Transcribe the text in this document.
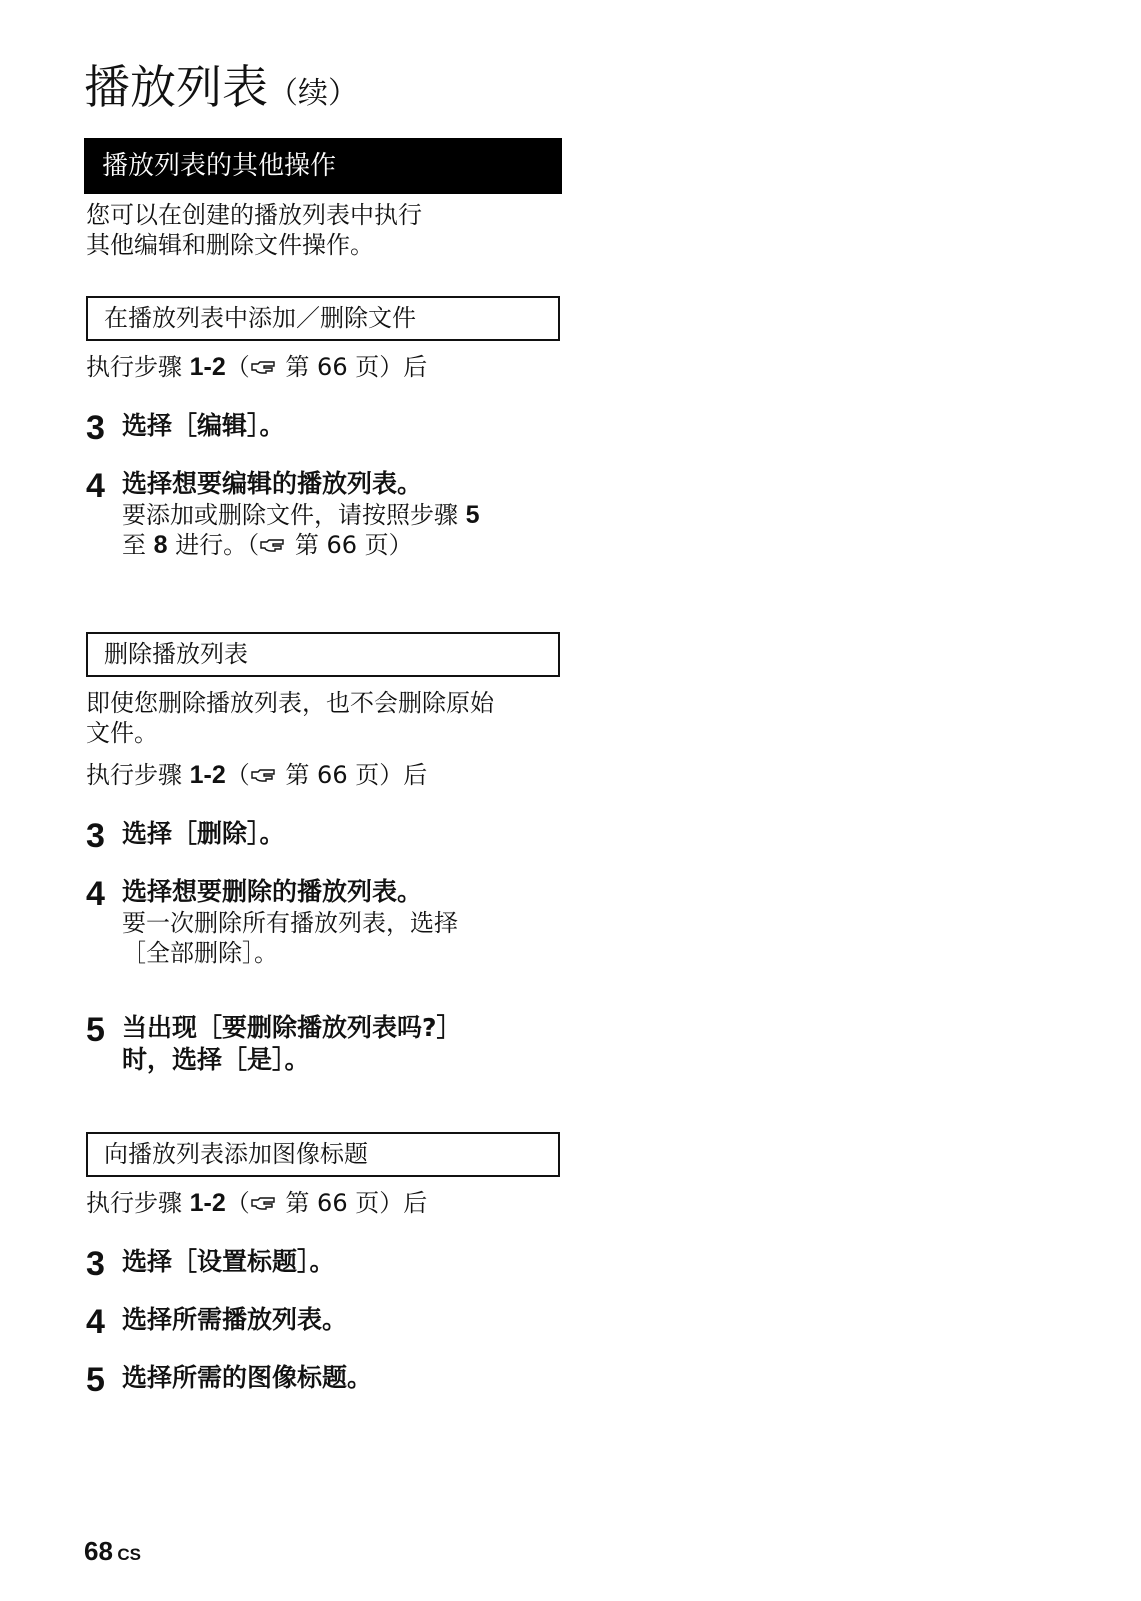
播放列表（续）
播放列表的其他操作
您可以在创建的播放列表中执行
其他编辑和删除文件操作。
在播放列表中添加／删除文件
执行步骤 1-2（ 第 66 页）后
3 选择［编辑］。
4 选择想要编辑的播放列表。
要添加或删除文件，请按照步骤 5
至 8 进行。（ 第 66 页）
删除播放列表
即使您删除播放列表，也不会删除原始
文件。
执行步骤 1-2（ 第 66 页）后
3 选择［删除］。
4 选择想要删除的播放列表。
要一次删除所有播放列表，选择
［全部删除］。
5 当出现［要删除播放列表吗?］
时，选择［是］。
向播放列表添加图像标题
执行步骤 1-2（ 第 66 页）后
3 选择［设置标题］。
4 选择所需播放列表。
5 选择所需的图像标题。
68 CS
